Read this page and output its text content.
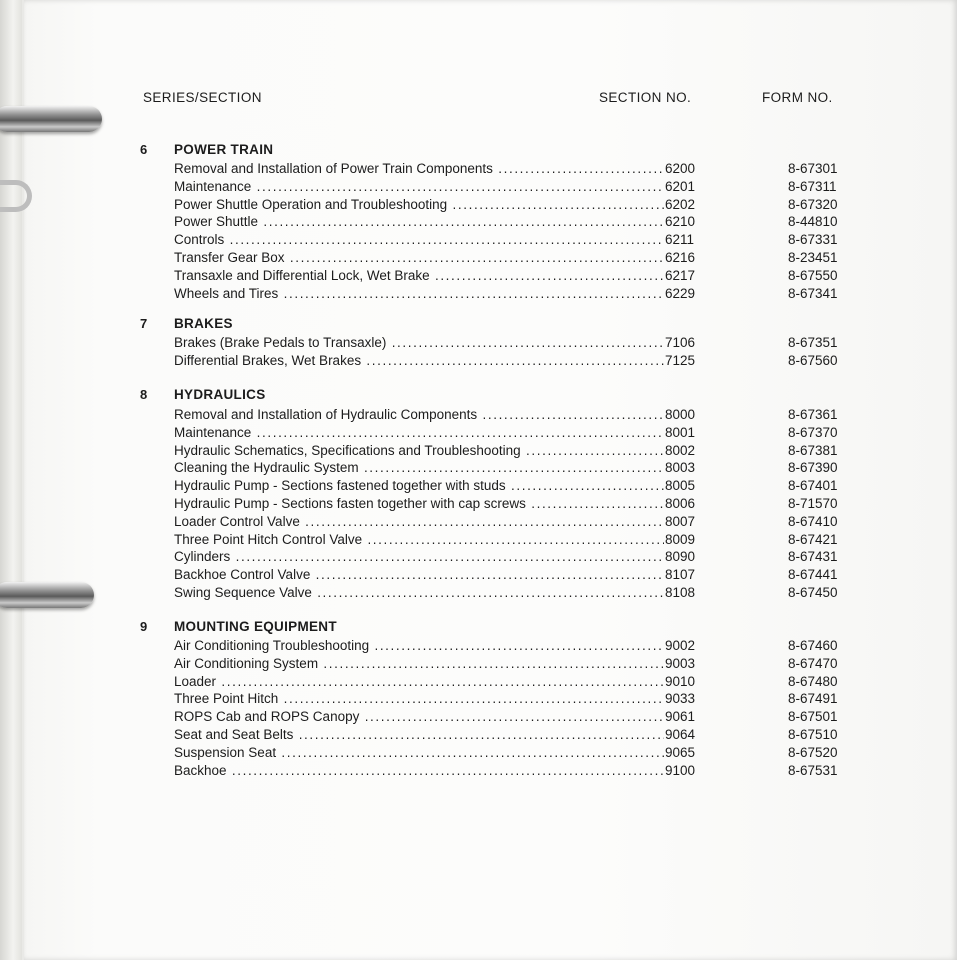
SERIES/SECTION	SECTION NO.	FORM NO.
6 POWER TRAIN
Removal and Installation of Power Train Components .....	6200	8-67301
Maintenance .....	6201	8-67311
Power Shuttle Operation and Troubleshooting .....	6202	8-67320
Power Shuttle .....	6210	8-44810
Controls .....	6211	8-67331
Transfer Gear Box .....	6216	8-23451
Transaxle and Differential Lock, Wet Brake .....	6217	8-67550
Wheels and Tires .....	6229	8-67341
7 BRAKES
Brakes (Brake Pedals to Transaxle) .....	7106	8-67351
Differential Brakes, Wet Brakes .....	7125	8-67560
8 HYDRAULICS
Removal and Installation of Hydraulic Components .....	8000	8-67361
Maintenance .....	8001	8-67370
Hydraulic Schematics, Specifications and Troubleshooting .....	8002	8-67381
Cleaning the Hydraulic System .....	8003	8-67390
Hydraulic Pump - Sections fastened together with studs .....	8005	8-67401
Hydraulic Pump - Sections fasten together with cap screws .....	8006	8-71570
Loader Control Valve .....	8007	8-67410
Three Point Hitch Control Valve .....	8009	8-67421
Cylinders .....	8090	8-67431
Backhoe Control Valve .....	8107	8-67441
Swing Sequence Valve .....	8108	8-67450
9 MOUNTING EQUIPMENT
Air Conditioning Troubleshooting .....	9002	8-67460
Air Conditioning System .....	9003	8-67470
Loader .....	9010	8-67480
Three Point Hitch .....	9033	8-67491
ROPS Cab and ROPS Canopy .....	9061	8-67501
Seat and Seat Belts .....	9064	8-67510
Suspension Seat .....	9065	8-67520
Backhoe .....	9100	8-67531
